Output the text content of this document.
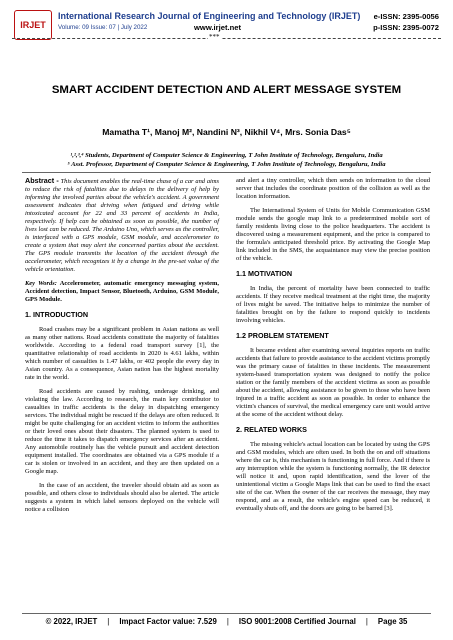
IRJET
International Research Journal of Engineering and Technology (IRJET) e-ISSN: 2395-0056
Volume: 09 Issue: 07 | July 2022	www.irjet.net	p-ISSN: 2395-0072
***
SMART ACCIDENT DETECTION AND ALERT MESSAGE SYSTEM
Mamatha T¹, Manoj M², Nandini N³, Nikhil V⁴, Mrs. Sonia Das⁵
¹,²,³,⁴ Students, Department of Computer Science & Engineering, T John Institute of Technology, Bengaluru, India
⁵ Asst. Professor, Department of Computer Science & Engineering, T John Institute of Technology, Bengaluru, India

Abstract - This document enables the real-time chase of a car and aims to reduce the risk of fatalities due to delays in the delivery of help by informing the involved parties about the vehicle's accident. A government assessment indicates that driving when fatigued and driving while intoxicated account for 22 and 33 percent of accidents in India, respectively. If help can be obtained as soon as possible, the number of lives lost can be reduced. The Arduino Uno, which serves as the controller, is interfaced with a GPS module, GSM module, and accelerometer to create a system that may alert the concerned parties about the accident. The GPS module transmits the location of the accident through the accelerometer, which recognizes it by a change in the pre-set value of the vehicle orientation.

Key Words: Accelerometer, automatic emergency messaging system, Accident detection, Impact Sensor, Bluetooth, Arduino, GSM Module, GPS Module.

1. INTRODUCTION

Road crashes may be a significant problem in Asian nations as well as many other nations. Road accidents constitute the majority of fatalities worldwide. According to a federal road transport survey [1], the quantitative relationship of road accidents in 2020 is 4.61 lakhs, within which number of casualties is 1.47 lakhs, or 402 people die every day in Asian country. As a consequence, Asian nation has the highest mortality rate in the world.

Road accidents are caused by rushing, underage drinking, and violating the law. According to research, the main key contributor to casualties in traffic accidents is the delay in dispatching emergency services. The individual might be rescued if the delays are often reduced. It might be quite challenging for an accident victim to inform the authorities or their loved ones about their disasters. The planned system is used to reduce the time it takes to dispatch emergency services after an accident. Any automobile routinely has the vehicle pursuit and accident detection equipment installed. The coordinates are obtained via a GPS module if a car is stolen or involved in an accident, and they are then updated on a Google map.

In the case of an accident, the traveler should obtain aid as soon as possible, and others close to individuals should also be alerted. The article suggests a system in which label sensors deployed on the vehicle will notice a collision

and alert a tiny controller, which then sends on information to the cloud server that includes the coordinate position of the collision as well as the location information.

The International System of Units for Mobile Communication GSM module sends the google map link to a predetermined mobile sort of family residents living close to the police headquarters. The accident is discovered using a measurement equipment, and the price is compared to the formula's anticipated threshold price. By activating the Google Map link included in the SMS, the acquaintance may view the precise position of the vehicle.

1.1 MOTIVATION

In India, the percent of mortality have been connected to traffic accidents. If they receive medical treatment at the right time, the majority of lives might be saved. The initiative helps to minimize the number of fatalities brought on by the failure to respond quickly to incidents involving vehicles.

1.2 PROBLEM STATEMENT

It became evident after examining several inquiries reports on traffic accidents that failure to provide assistance to the accident victims promptly was the primary cause of fatalities in these incidents. The measurement system-based transportation system was designed to notify the police station or the family members of the accident victims as soon as possible about the accident, allowing assistance to be given to those who have been injured in a traffic accident as soon as possible. In order to enhance the victim's chances of survival, the medical emergency care unit would arrive at the scene of the accident without delay.

2. RELATED WORKS

The missing vehicle's actual location can be located by using the GPS and GSM modules, which are often used. In both the on and off situations where the car is, this mechanism is functioning in full force. And if there is any interruption while the system is functioning normally, the IR detector will notice it and, upon rapid identification, send the lover of the unintentional victim a Google Maps link that can be used to find the exact site of the car. When the owner of the car receives the message, they may respond, and as a result, the vehicle's engine speed can be reduced, it eventually shuts off, and the doors are going to be barred [3].

© 2022, IRJET | Impact Factor value: 7.529 | ISO 9001:2008 Certified Journal | Page 35
